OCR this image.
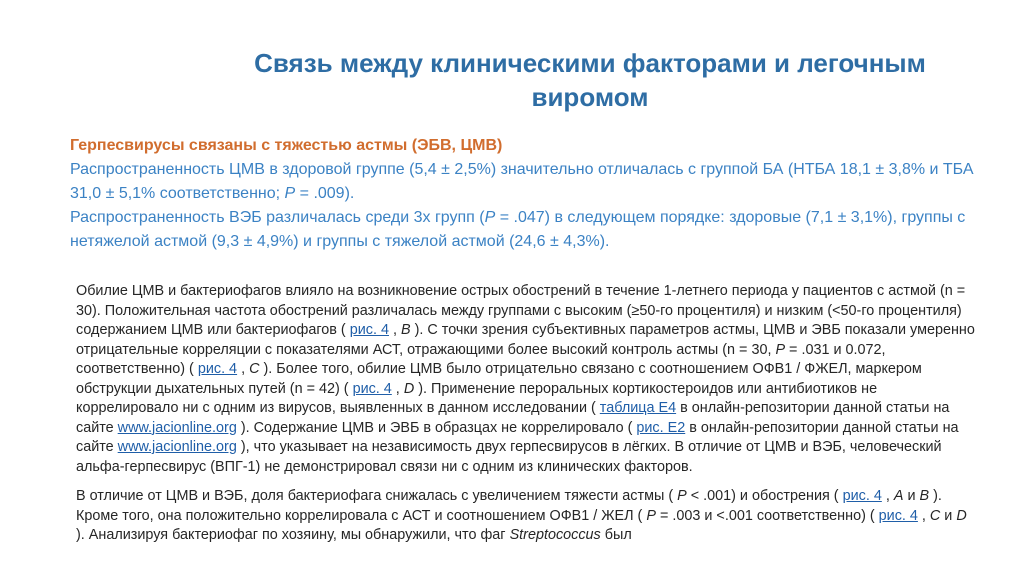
Связь между клиническими факторами и легочным виромом
Герпесвирусы связаны с тяжестью астмы (ЭБВ, ЦМВ)
Распространенность ЦМВ в здоровой группе (5,4 ± 2,5%) значительно отличалась с группой БА (НТБА 18,1 ± 3,8% и ТБА 31,0 ± 5,1% соответственно; P = .009).
Распространенность ВЭБ различалась среди 3х групп (P = .047) в следующем порядке: здоровые (7,1 ± 3,1%), группы с нетяжелой астмой (9,3 ± 4,9%) и группы с тяжелой астмой (24,6 ± 4,3%).

Обилие ЦМВ и бактериофагов влияло на возникновение острых обострений в течение 1-летнего периода у пациентов с астмой (n = 30). Положительная частота обострений различалась между группами с высоким (≥50-го процентиля) и низким (<50-го процентиля) содержанием ЦМВ или бактериофагов ( рис. 4 , B ). С точки зрения субъективных параметров астмы, ЦМВ и ЭВБ показали умеренно отрицательные корреляции с показателями АСТ, отражающими более высокий контроль астмы (n = 30, P = .031 и 0.072, соответственно) ( рис. 4 , C ). Более того, обилие ЦМВ было отрицательно связано с соотношением ОФВ1 / ФЖЕЛ, маркером обструкции дыхательных путей (n = 42) ( рис. 4 , D ). Применение пероральных кортикостероидов или антибиотиков не коррелировало ни с одним из вирусов, выявленных в данном исследовании ( таблица E4 в онлайн-репозитории данной статьи на сайте www.jacionline.org ). Содержание ЦМВ и ЭВБ в образцах не коррелировало ( рис. E2 в онлайн-репозитории данной статьи на сайте www.jacionline.org ), что указывает на независимость двух герпесвирусов в лёгких. В отличие от ЦМВ и ВЭБ, человеческий альфа-герпесвирус (ВПГ-1) не демонстрировал связи ни с одним из клинических факторов.

В отличие от ЦМВ и ВЭБ, доля бактериофага снижалась с увеличением тяжести астмы ( P < .001) и обострения ( рис. 4 , A и B ). Кроме того, она положительно коррелировала с АСТ и соотношением ОФВ1 / ЖЕЛ ( P = .003 и <.001 соответственно) ( рис. 4 , C и D ). Анализируя бактериофаг по хозяину, мы обнаружили, что фаг Streptococcus был
